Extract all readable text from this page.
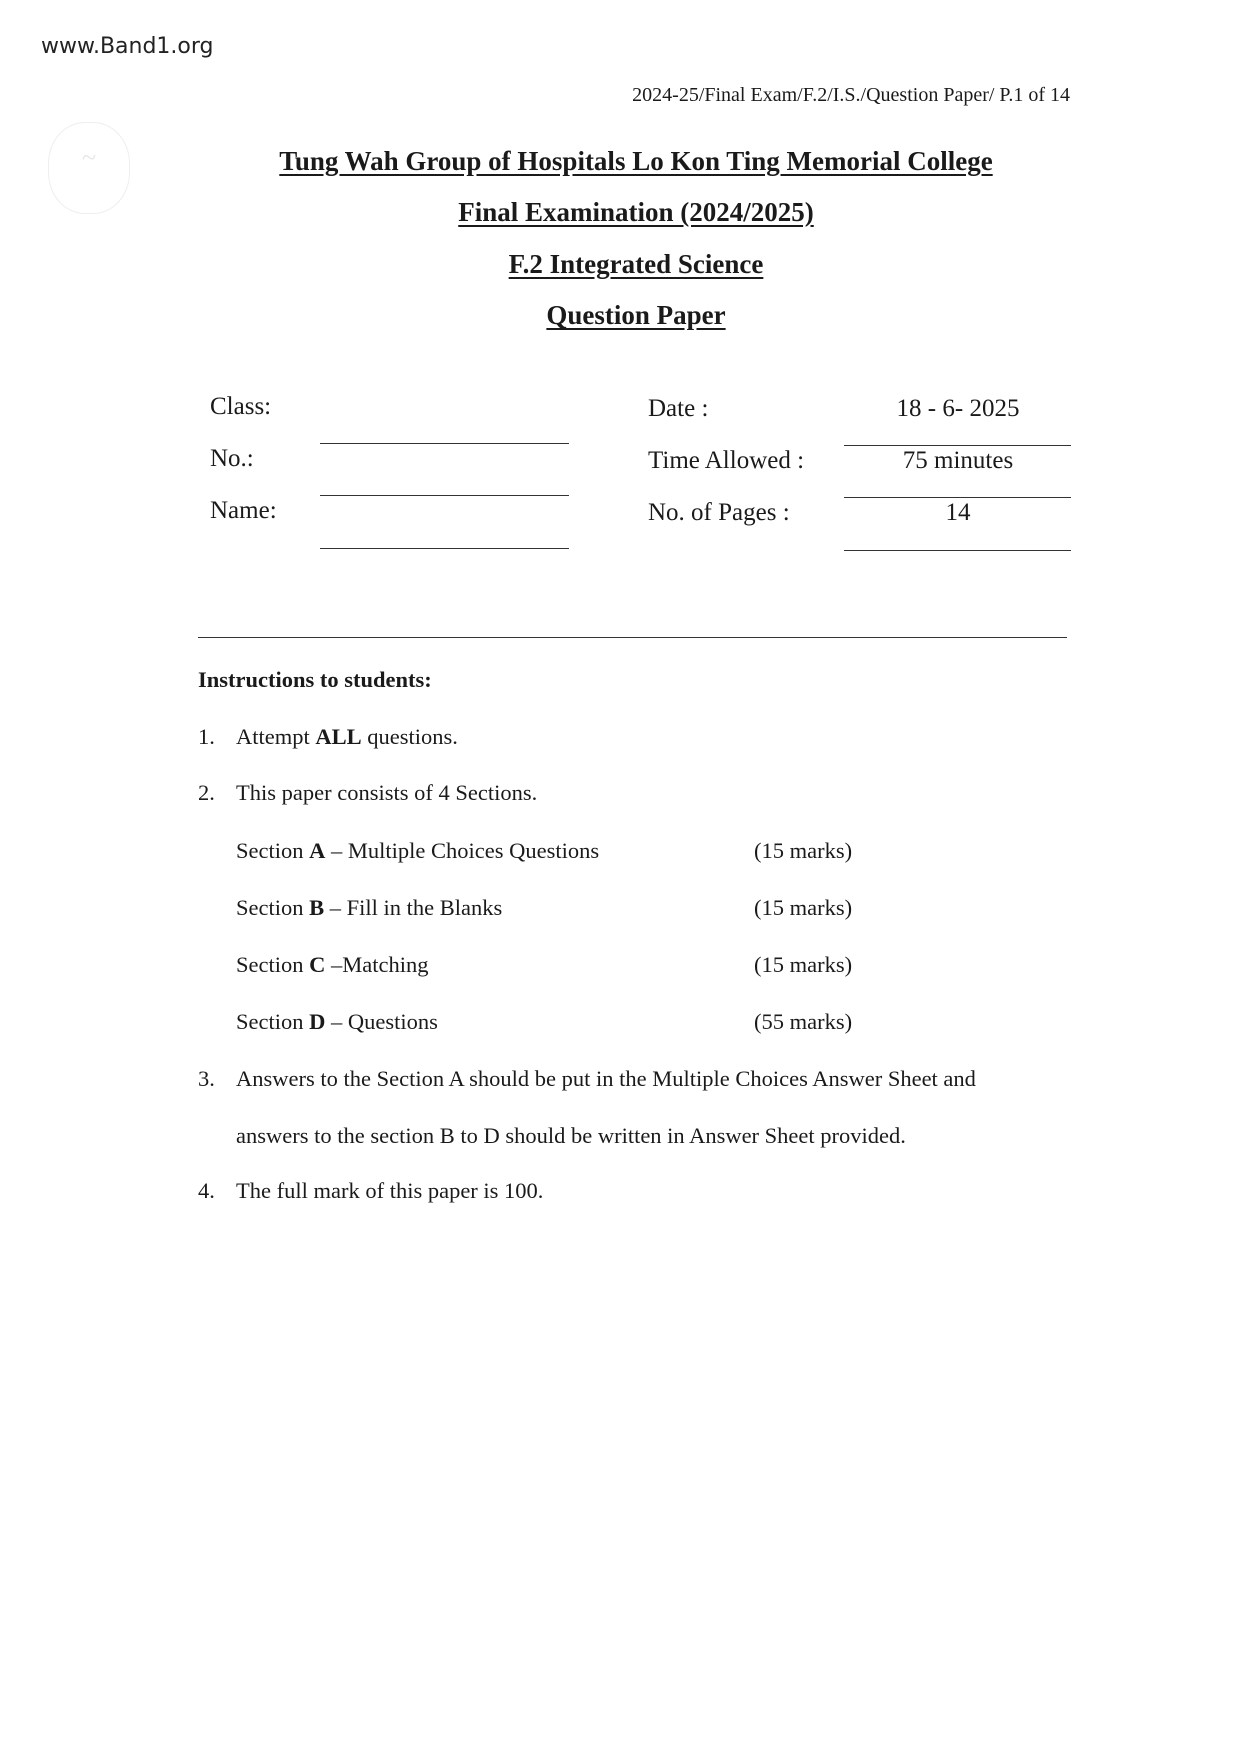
www.Band1.org
~
2024-25/Final Exam/F.2/I.S./Question Paper/ P.1 of 14
Tung Wah Group of Hospitals Lo Kon Ting Memorial College
Final Examination (2024/2025)
F.2 Integrated Science
Question Paper
Class:
No.:
Name:
Date :	18 - 6- 2025
Time Allowed :	75 minutes
No. of Pages :	14
Instructions to students:
1. Attempt ALL questions.
2. This paper consists of 4 Sections.
Section A – Multiple Choices Questions	(15 marks)
Section B – Fill in the Blanks	(15 marks)
Section C –Matching	(15 marks)
Section D – Questions	(55 marks)
3. Answers to the Section A should be put in the Multiple Choices Answer Sheet and
answers to the section B to D should be written in Answer Sheet provided.
4. The full mark of this paper is 100.
